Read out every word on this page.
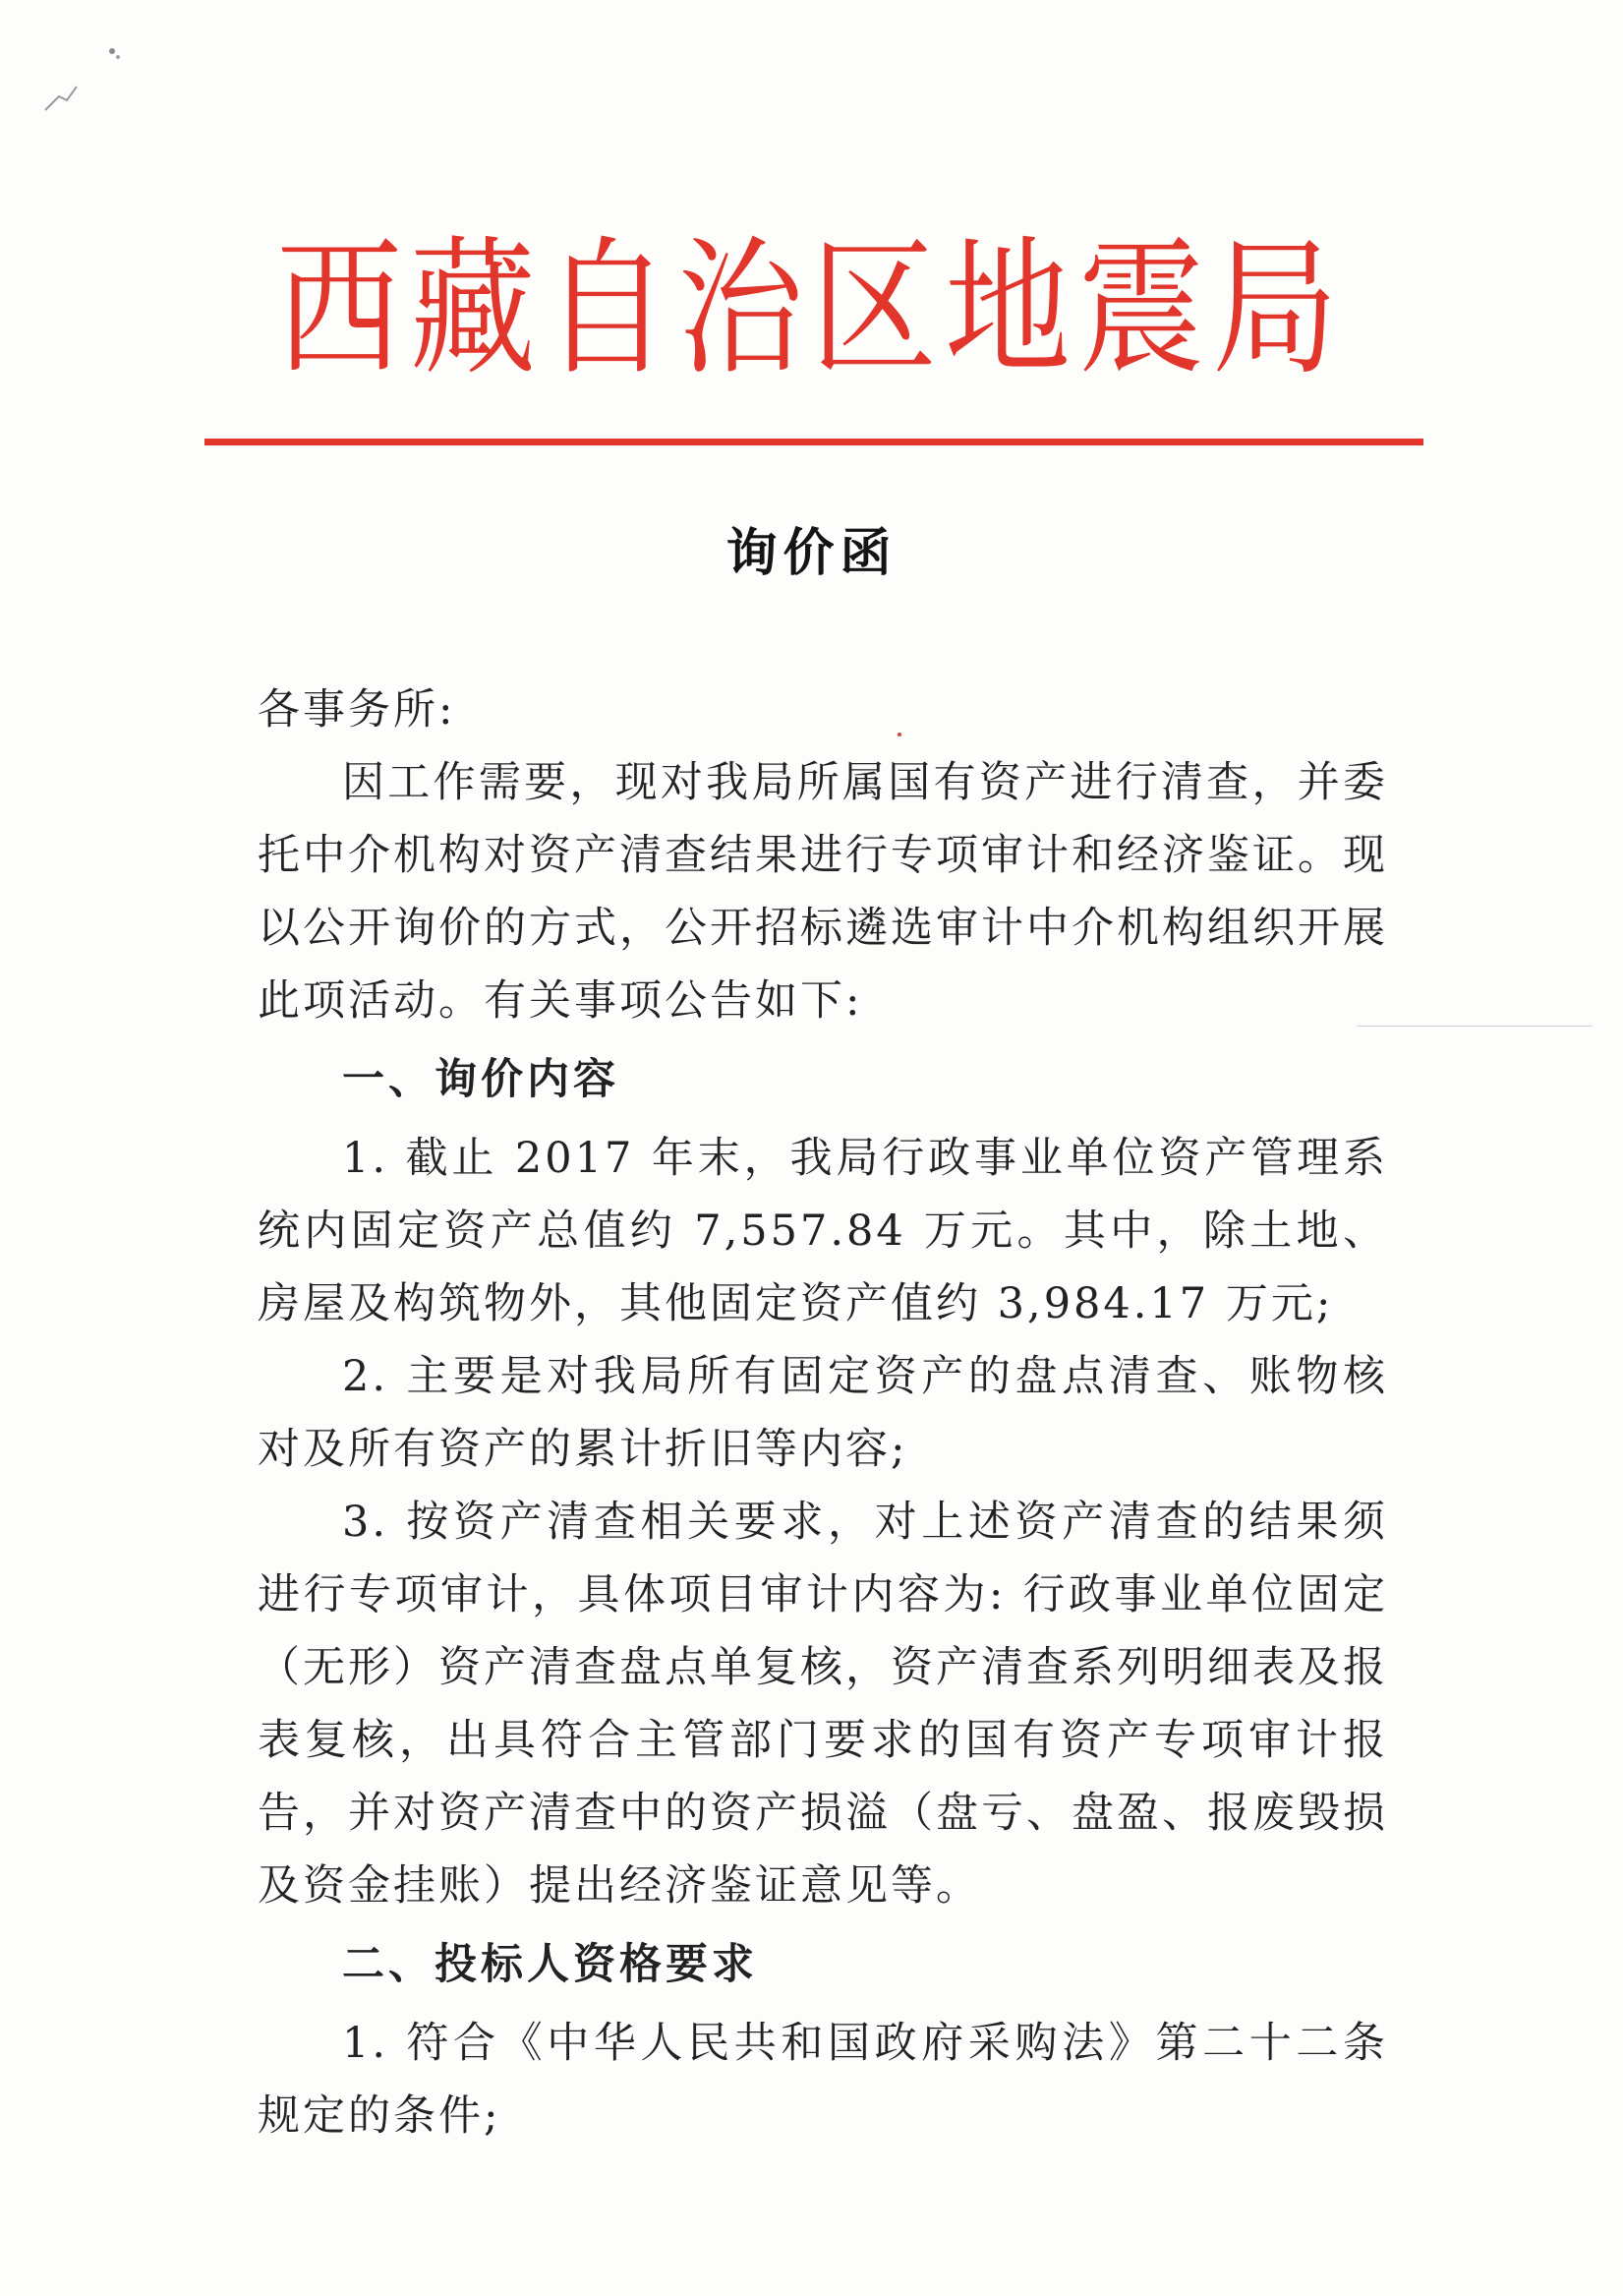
西藏自治区地震局
询价函

各事务所:

因工作需要，现对我局所属国有资产进行清查，并委托中介机构对资产清查结果进行专项审计和经济鉴证。现以公开询价的方式，公开招标遴选审计中介机构组织开展此项活动。有关事项公告如下:

一、询价内容

1. 截止 2017 年末，我局行政事业单位资产管理系统内固定资产总值约 7,557.84 万元。其中，除土地、房屋及构筑物外，其他固定资产值约 3,984.17 万元;

2. 主要是对我局所有固定资产的盘点清查、账物核对及所有资产的累计折旧等内容;

3. 按资产清查相关要求，对上述资产清查的结果须进行专项审计，具体项目审计内容为: 行政事业单位固定（无形）资产清查盘点单复核，资产清查系列明细表及报表复核，出具符合主管部门要求的国有资产专项审计报告，并对资产清查中的资产损溢（盘亏、盘盈、报废毁损及资金挂账）提出经济鉴证意见等。

二、投标人资格要求

1. 符合《中华人民共和国政府采购法》第二十二条规定的条件;
